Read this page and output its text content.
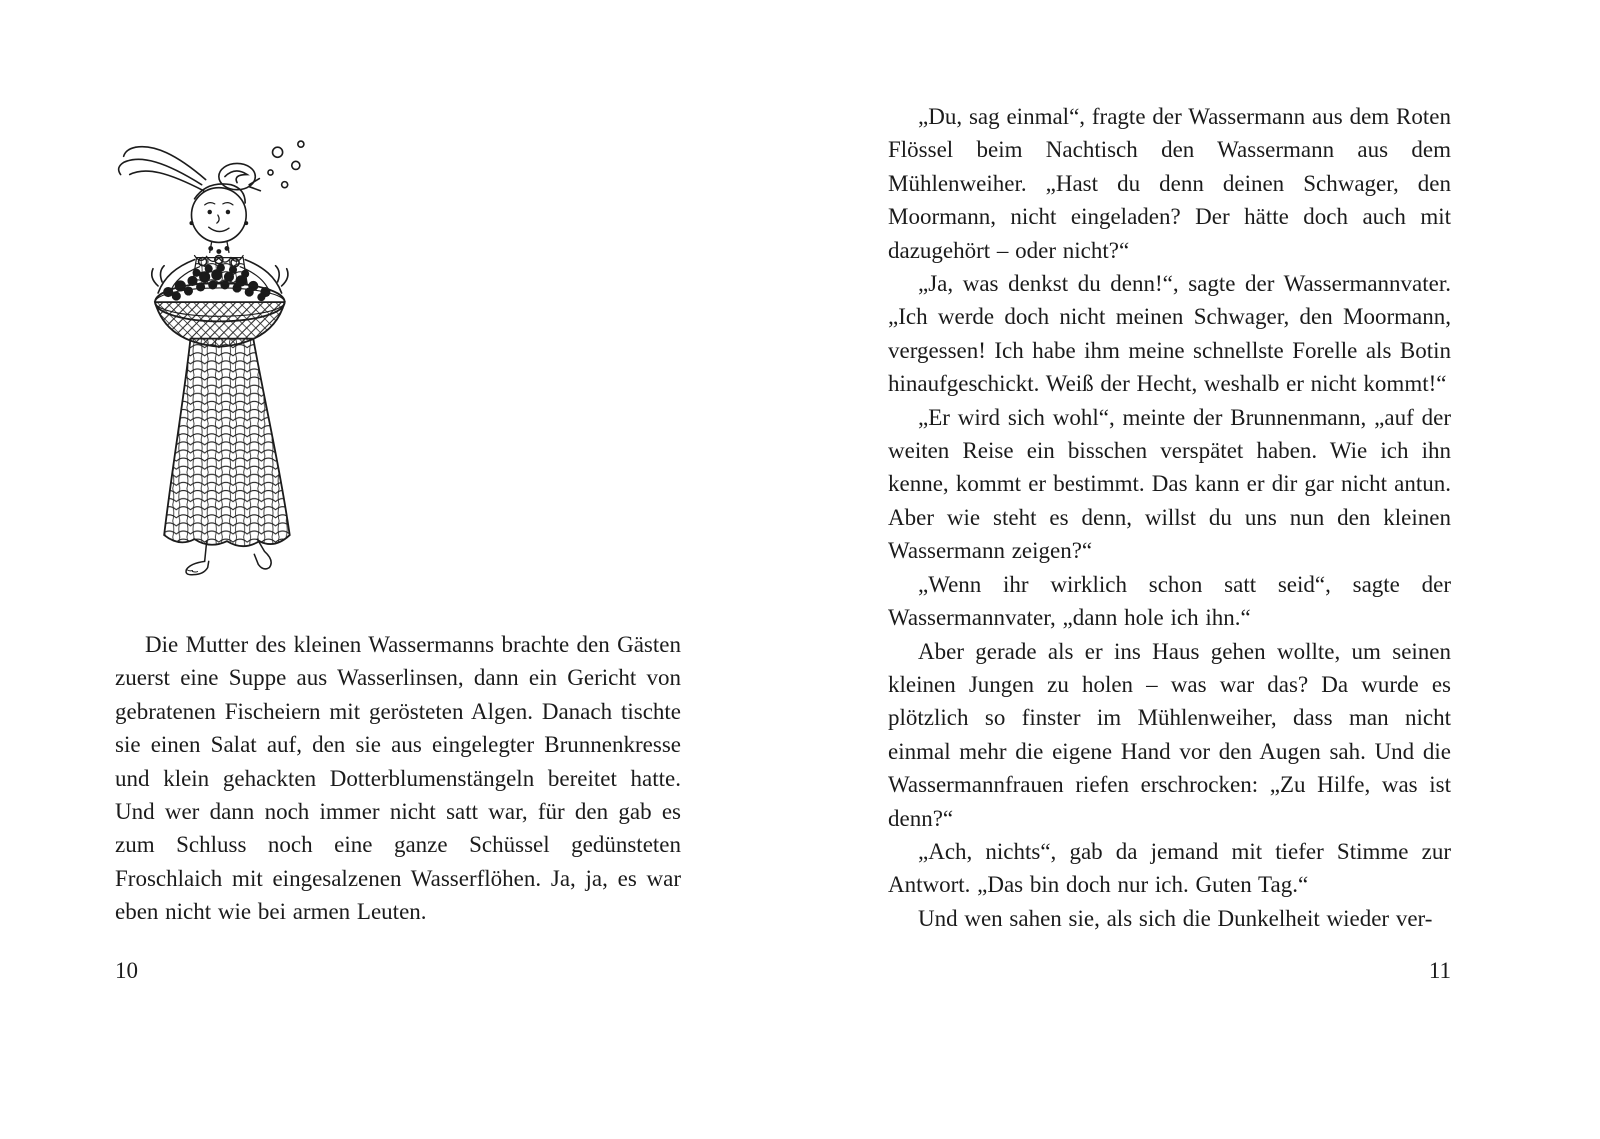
Die Mutter des kleinen Wassermanns brachte den Gästen zuerst eine Suppe aus Wasserlinsen, dann ein Gericht von gebratenen Fischeiern mit gerösteten Algen. Danach tischte sie einen Salat auf, den sie aus eingelegter Brunnenkresse und klein gehackten Dotterblumenstängeln bereitet hatte. Und wer dann noch immer nicht satt war, für den gab es zum Schluss noch eine ganze Schüssel gedünsteten Froschlaich mit eingesalzenen Wasserflöhen. Ja, ja, es war eben nicht wie bei armen Leuten.

10

„Du, sag einmal“, fragte der Wassermann aus dem Roten Flössel beim Nachtisch den Wassermann aus dem Mühlenweiher. „Hast du denn deinen Schwager, den Moormann, nicht eingeladen? Der hätte doch auch mit dazugehört – oder nicht?“

„Ja, was denkst du denn!“, sagte der Wassermannvater. „Ich werde doch nicht meinen Schwager, den Moormann, vergessen! Ich habe ihm meine schnellste Forelle als Botin hinaufgeschickt. Weiß der Hecht, weshalb er nicht kommt!“

„Er wird sich wohl“, meinte der Brunnenmann, „auf der weiten Reise ein bisschen verspätet haben. Wie ich ihn kenne, kommt er bestimmt. Das kann er dir gar nicht antun. Aber wie steht es denn, willst du uns nun den kleinen Wassermann zeigen?“

„Wenn ihr wirklich schon satt seid“, sagte der Wassermannvater, „dann hole ich ihn.“

Aber gerade als er ins Haus gehen wollte, um seinen kleinen Jungen zu holen – was war das? Da wurde es plötzlich so finster im Mühlenweiher, dass man nicht einmal mehr die eigene Hand vor den Augen sah. Und die Wassermannfrauen riefen erschrocken: „Zu Hilfe, was ist denn?“

„Ach, nichts“, gab da jemand mit tiefer Stimme zur Antwort. „Das bin doch nur ich. Guten Tag.“

Und wen sahen sie, als sich die Dunkelheit wieder ver-

11
